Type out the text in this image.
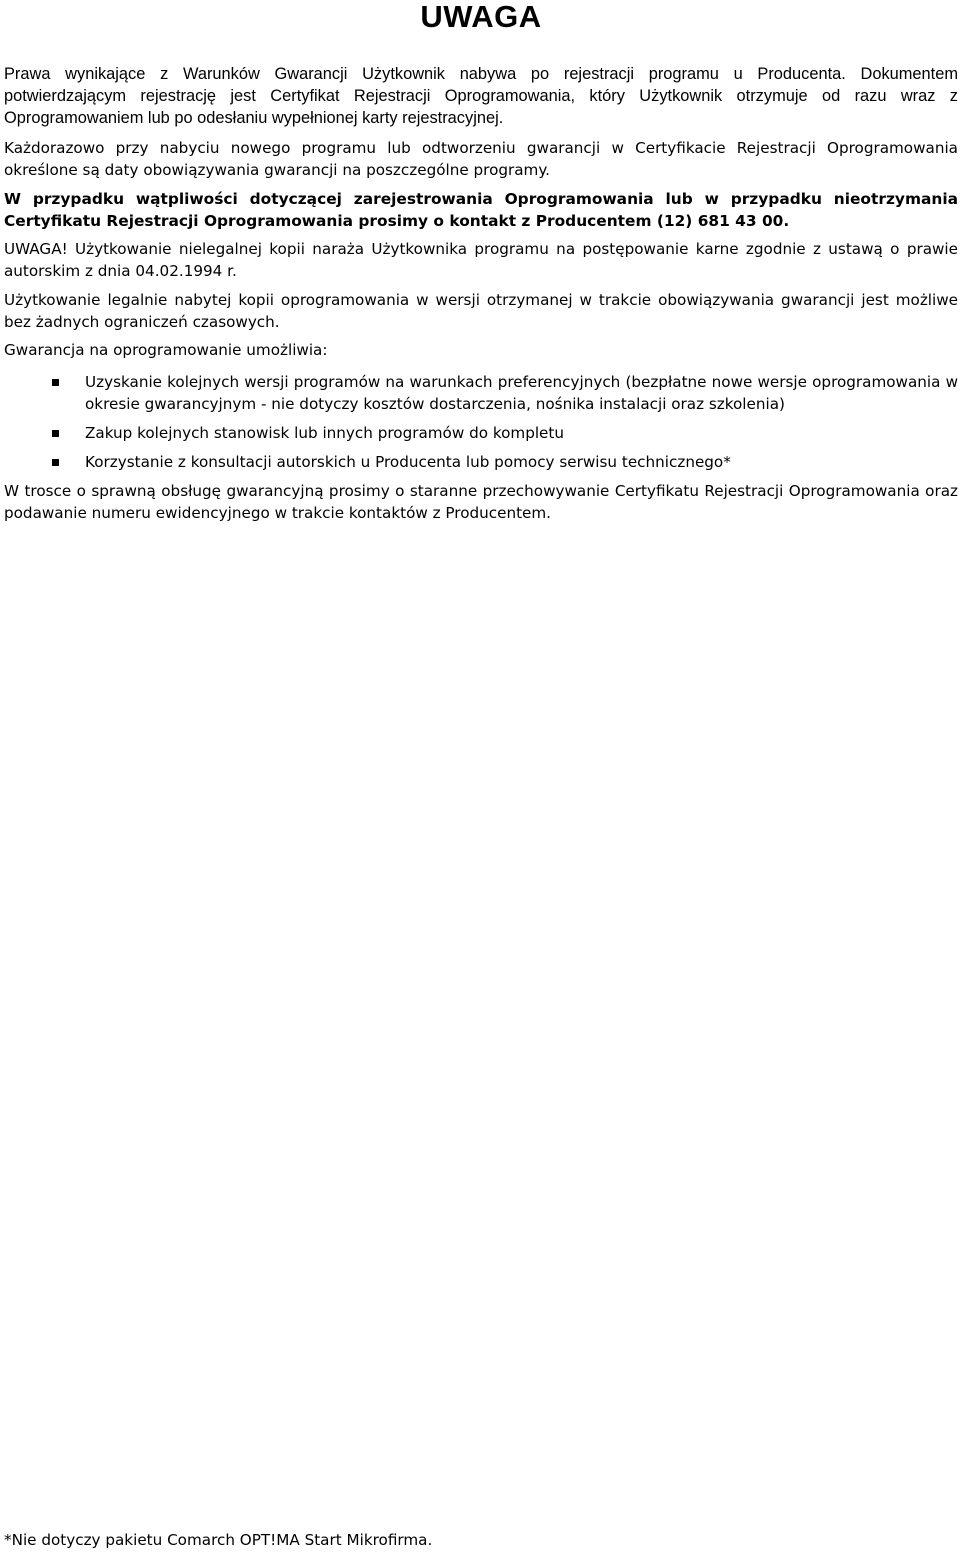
UWAGA

Prawa wynikające z Warunków Gwarancji Użytkownik nabywa po rejestracji programu u Producenta. Dokumentem potwierdzającym rejestrację jest Certyfikat Rejestracji Oprogramowania, który Użytkownik otrzymuje od razu wraz z Oprogramowaniem lub po odesłaniu wypełnionej karty rejestracyjnej.

Każdorazowo przy nabyciu nowego programu lub odtworzeniu gwarancji w Certyfikacie Rejestracji Oprogramowania określone są daty obowiązywania gwarancji na poszczególne programy.

W przypadku wątpliwości dotyczącej zarejestrowania Oprogramowania lub w przypadku nieotrzymania Certyfikatu Rejestracji Oprogramowania prosimy o kontakt z Producentem (12) 681 43 00.

UWAGA! Użytkowanie nielegalnej kopii naraża Użytkownika programu na postępowanie karne zgodnie z ustawą o prawie autorskim z dnia 04.02.1994 r.

Użytkowanie legalnie nabytej kopii oprogramowania w wersji otrzymanej w trakcie obowiązywania gwarancji jest możliwe bez żadnych ograniczeń czasowych.

Gwarancja na oprogramowanie umożliwia:

Uzyskanie kolejnych wersji programów na warunkach preferencyjnych (bezpłatne nowe wersje oprogramowania w okresie gwarancyjnym - nie dotyczy kosztów dostarczenia, nośnika instalacji oraz szkolenia)
Zakup kolejnych stanowisk lub innych programów do kompletu
Korzystanie z konsultacji autorskich u Producenta lub pomocy serwisu technicznego*

W trosce o sprawną obsługę gwarancyjną prosimy o staranne przechowywanie Certyfikatu Rejestracji Oprogramowania oraz podawanie numeru ewidencyjnego w trakcie kontaktów z Producentem.

*Nie dotyczy pakietu Comarch OPT!MA Start Mikrofirma.
